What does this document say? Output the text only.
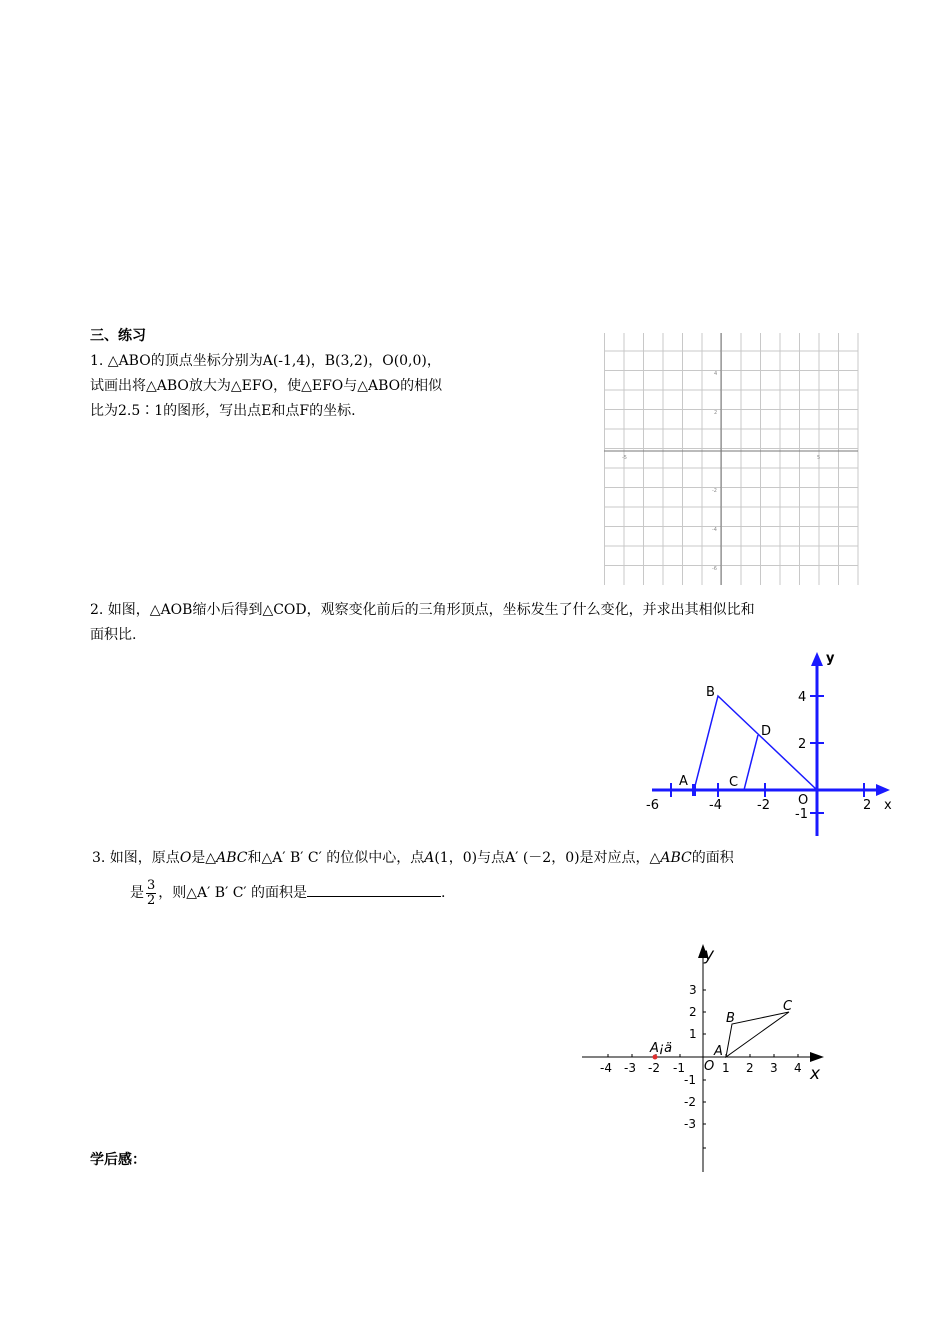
三、练习
1. △ABO的顶点坐标分别为A(-1,4)，B(3,2)，O(0,0)，
试画出将△ABO放大为△EFO，使△EFO与△ABO的相似
比为2.5∶1的图形，写出点E和点F的坐标.
-5	5
4
2
-2
-4
-6
2. 如图，△AOB缩小后得到△COD，观察变化前后的三角形顶点，坐标发生了什么变化，并求出其相似比和
面积比.
-6	-4	-2	2 x
y
4
2
-1
O
A
B
C
D
3. 如图，原点O是△ABC和△A′ B′ C′ 的位似中心，点A(1，0)与点A′ (－2，0)是对应点，△ABC的面积
是 $\frac{3}{2}$ ，则△A′ B′ C′ 的面积是	.
y
x
-4 -3 -2 -1	1 2 3 4
3
2
1
-1
-2
-3
O
A
B
C
A¡ä
学后感：
